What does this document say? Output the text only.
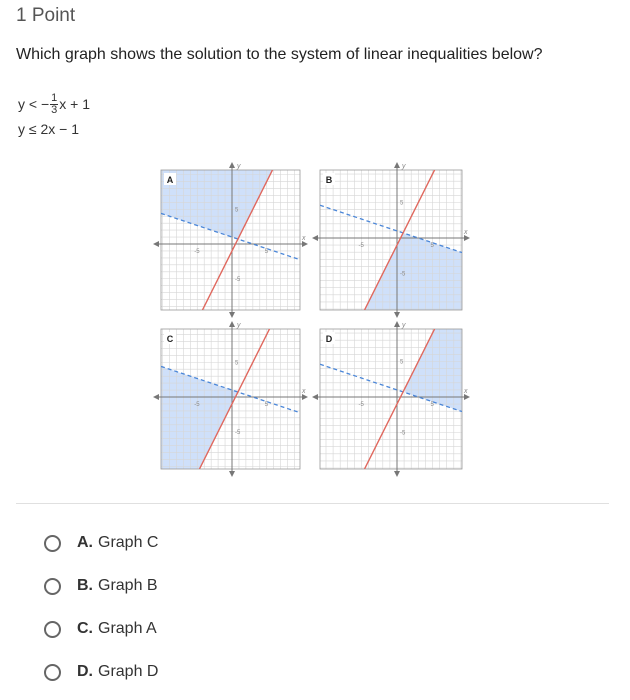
1 Point
Which graph shows the solution to the system of linear inequalities below?
y < − $\frac{1}{3}$ x + 1
y ≤ 2x − 1
y
x
5
-5
-5	5
A
y
x
5
-5
-5	5
B
y
x
5
-5
-5	5
C
y
x
5
-5
-5	5
D
A. Graph C
B. Graph B
C. Graph A
D. Graph D
